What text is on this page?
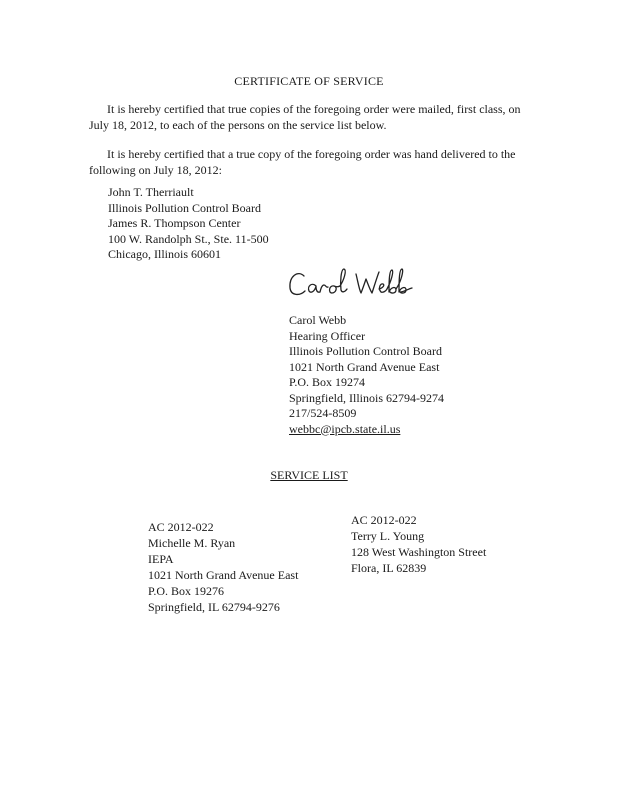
CERTIFICATE OF SERVICE
It is hereby certified that true copies of the foregoing order were mailed, first class, on July 18, 2012, to each of the persons on the service list below.
It is hereby certified that a true copy of the foregoing order was hand delivered to the following on July 18, 2012:
John T. Therriault
Illinois Pollution Control Board
James R. Thompson Center
100 W. Randolph St., Ste. 11-500
Chicago, Illinois 60601
Carol Webb
Hearing Officer
Illinois Pollution Control Board
1021 North Grand Avenue East
P.O. Box 19274
Springfield, Illinois 62794-9274
217/524-8509
webbc@ipcb.state.il.us
SERVICE LIST
AC 2012-022
Michelle M. Ryan
IEPA
1021 North Grand Avenue East
P.O. Box 19276
Springfield, IL 62794-9276
AC 2012-022
Terry L. Young
128 West Washington Street
Flora, IL 62839
